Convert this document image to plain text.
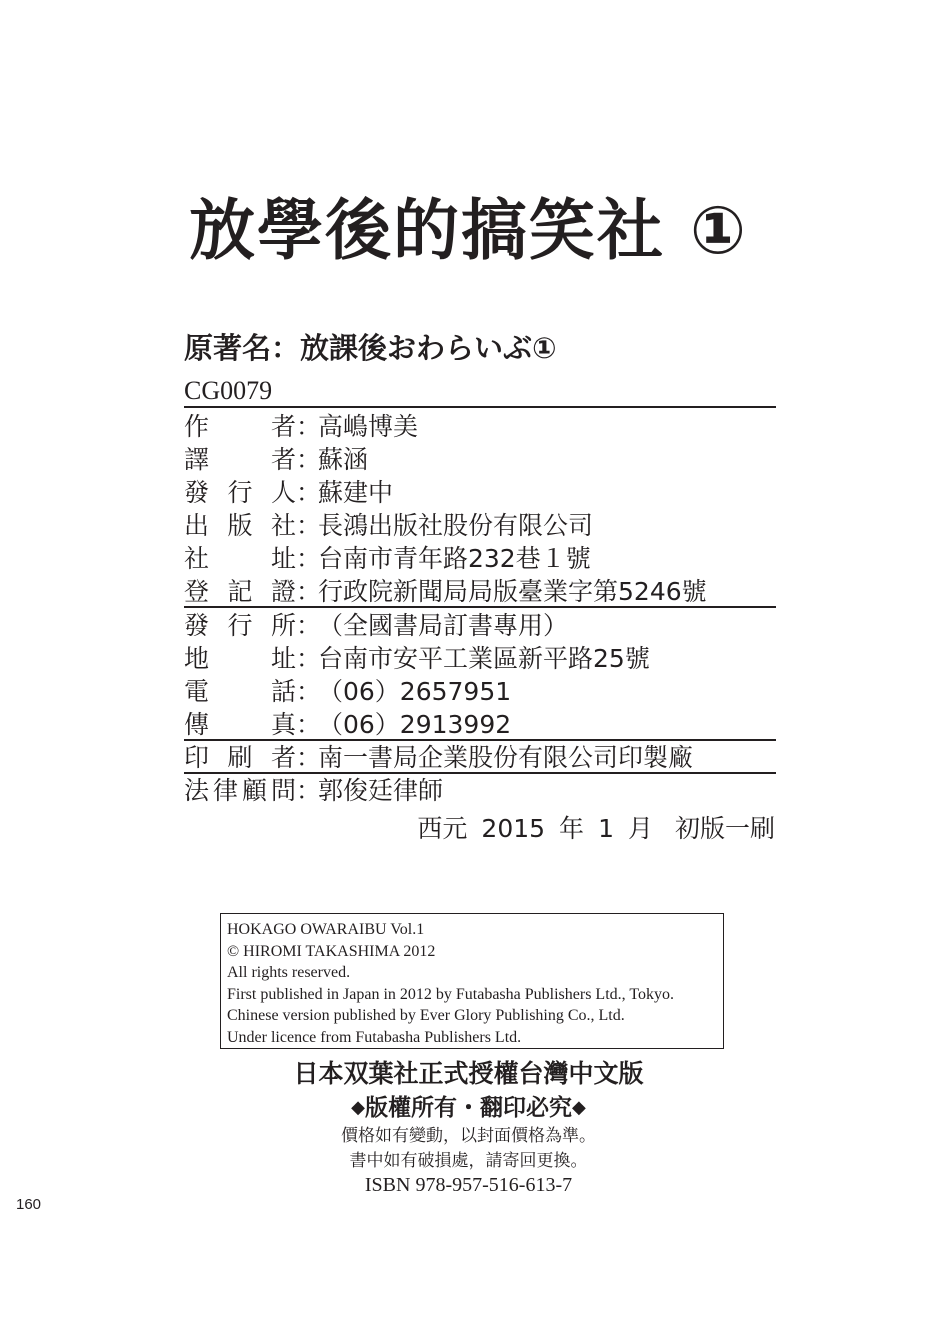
放學後的搞笑社 ①
原著名：放課後おわらいぶ①
CG0079
作 者 ：
高嶋博美
譯 者 ：
蘇涵
發 行 人 ：
蘇建中
出 版 社 ：
長鴻出版社股份有限公司
社 址 ：
台南市青年路232巷１號
登 記 證 ：
行政院新聞局局版臺業字第5246號
發 行 所 ：
（全國書局訂書專用）
地 址 ：
台南市安平工業區新平路25號
電 話 ：
（06）2657951
傳 真 ：
（06）2913992
印 刷 者 ：
南一書局企業股份有限公司印製廠
法 律 顧 問 ：
郭俊廷律師
西元 2015 年 1 月 初版一刷
HOKAGO OWARAIBU Vol.1
© HIROMI TAKASHIMA 2012
All rights reserved.
First published in Japan in 2012 by Futabasha Publishers Ltd., Tokyo.
Chinese version published by Ever Glory Publishing Co., Ltd.
Under licence from Futabasha Publishers Ltd.
日本双葉社正式授權台灣中文版
◆版權所有・翻印必究◆
價格如有變動，以封面價格為準。
書中如有破損處，請寄回更換。
ISBN 978-957-516-613-7
160
